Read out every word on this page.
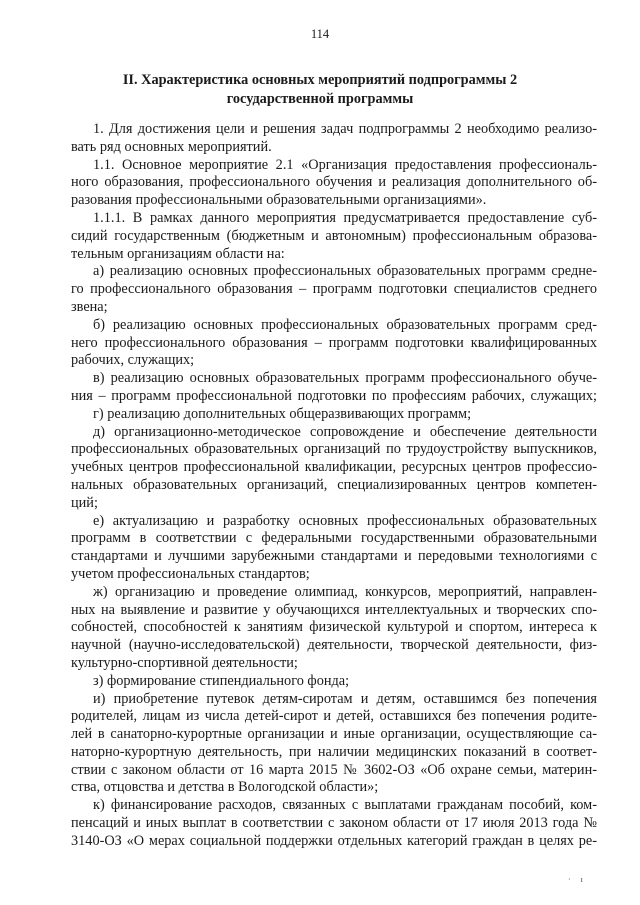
114
II. Характеристика основных мероприятий подпрограммы 2
государственной программы
1. Для достижения цели и решения задач подпрограммы 2 необходимо реализо-
вать ряд основных мероприятий.
1.1. Основное мероприятие 2.1 «Организация предоставления профессиональ-
ного образования, профессионального обучения и реализация дополнительного об-
разования профессиональными образовательными организациями».
1.1.1. В рамках данного мероприятия предусматривается предоставление суб-
сидий государственным (бюджетным и автономным) профессиональным образова-
тельным организациям области на:
а) реализацию основных профессиональных образовательных программ средне-
го профессионального образования – программ подготовки специалистов среднего
звена;
б) реализацию основных профессиональных образовательных программ сред-
него профессионального образования – программ подготовки квалифицированных
рабочих, служащих;
в) реализацию основных образовательных программ профессионального обуче-
ния – программ профессиональной подготовки по профессиям рабочих, служащих;
г) реализацию дополнительных общеразвивающих программ;
д) организационно-методическое сопровождение и обеспечение деятельности
профессиональных образовательных организаций по трудоустройству выпускников,
учебных центров профессиональной квалификации, ресурсных центров профессио-
нальных образовательных организаций, специализированных центров компетен-
ций;
е) актуализацию и разработку основных профессиональных образовательных
программ в соответствии с федеральными государственными образовательными
стандартами и лучшими зарубежными стандартами и передовыми технологиями с
учетом профессиональных стандартов;
ж) организацию и проведение олимпиад, конкурсов, мероприятий, направлен-
ных на выявление и развитие у обучающихся интеллектуальных и творческих спо-
собностей, способностей к занятиям физической культурой и спортом, интереса к
научной (научно-исследовательской) деятельности, творческой деятельности, физ-
культурно-спортивной деятельности;
з) формирование стипендиального фонда;
и) приобретение путевок детям-сиротам и детям, оставшимся без попечения
родителей, лицам из числа детей-сирот и детей, оставшихся без попечения родите-
лей в санаторно-курортные организации и иные организации, осуществляющие са-
наторно-курортную деятельность, при наличии медицинских показаний в соответ-
ствии с законом области от 16 марта 2015 № 3602-ОЗ «Об охране семьи, материн-
ства, отцовства и детства в Вологодской области»;
к) финансирование расходов, связанных с выплатами гражданам пособий, ком-
пенсаций и иных выплат в соответствии с законом области от 17 июля 2013 года №
3140-ОЗ «О мерах социальной поддержки отдельных категорий граждан в целях ре-
· ı
